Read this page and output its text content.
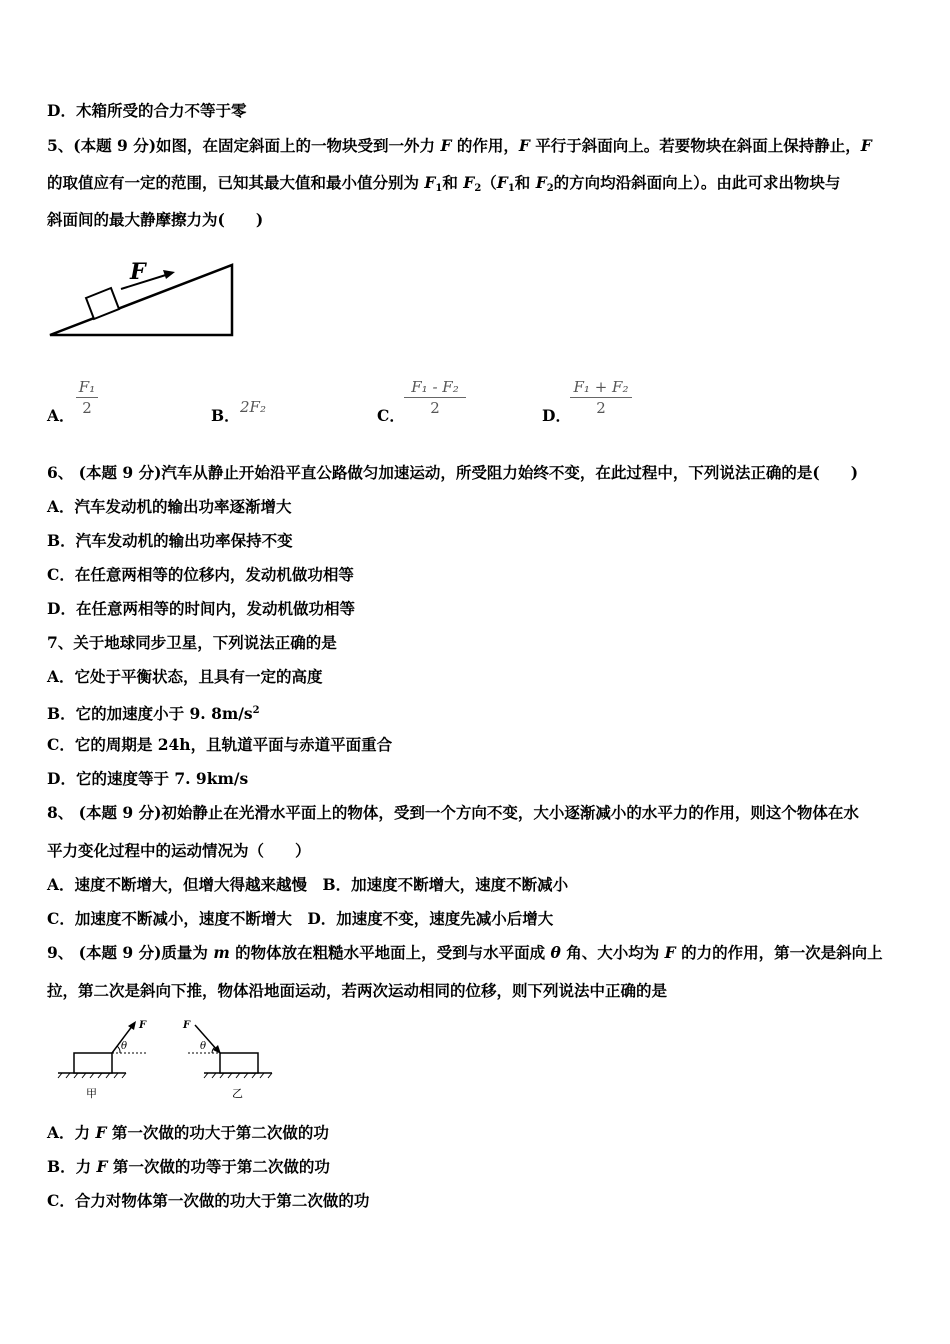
D．木箱所受的合力不等于零
5、(本题 9 分)如图，在固定斜面上的一物块受到一外力 F 的作用，F 平行于斜面向上。若要物块在斜面上保持静止，F
的取值应有一定的范围，已知其最大值和最小值分别为 $F_1$和 $F_2(F_1$和 $F_2$的方向均沿斜面向上）。由此可求出物块与
斜面间的最大静摩擦力为(　　)
F
A．
F₁
2	B． 2F₂	C．
F₁ - F₂
2	D．
F₁ + F₂
2
6、 (本题 9 分)汽车从静止开始沿平直公路做匀加速运动，所受阻力始终不变，在此过程中，下列说法正确的是(　　)
A．汽车发动机的输出功率逐渐增大
B．汽车发动机的输出功率保持不变
C．在任意两相等的位移内，发动机做功相等
D．在任意两相等的时间内，发动机做功相等
7、关于地球同步卫星，下列说法正确的是
A．它处于平衡状态，且具有一定的高度
B．它的加速度小于 9. $8m/s^2$
C．它的周期是 24h，且轨道平面与赤道平面重合
D．它的速度等于 7. 9km/s
8、 (本题 9 分)初始静止在光滑水平面上的物体，受到一个方向不变，大小逐渐减小的水平力的作用，则这个物体在水
平力变化过程中的运动情况为（　　）
A．速度不断增大，但增大得越来越慢　B．加速度不断增大，速度不断减小
C．加速度不断减小，速度不断增大　D．加速度不变，速度先减小后增大
9、 (本题 9 分)质量为 m 的物体放在粗糙水平地面上，受到与水平面成 θ 角、大小均为 F 的力的作用，第一次是斜向上
拉，第二次是斜向下推，物体沿地面运动，若两次运动相同的位移，则下列说法中正确的是
F
θ
甲
F
θ
乙
A．力 F 第一次做的功大于第二次做的功
B．力 F 第一次做的功等于第二次做的功
C．合力对物体第一次做的功大于第二次做的功
